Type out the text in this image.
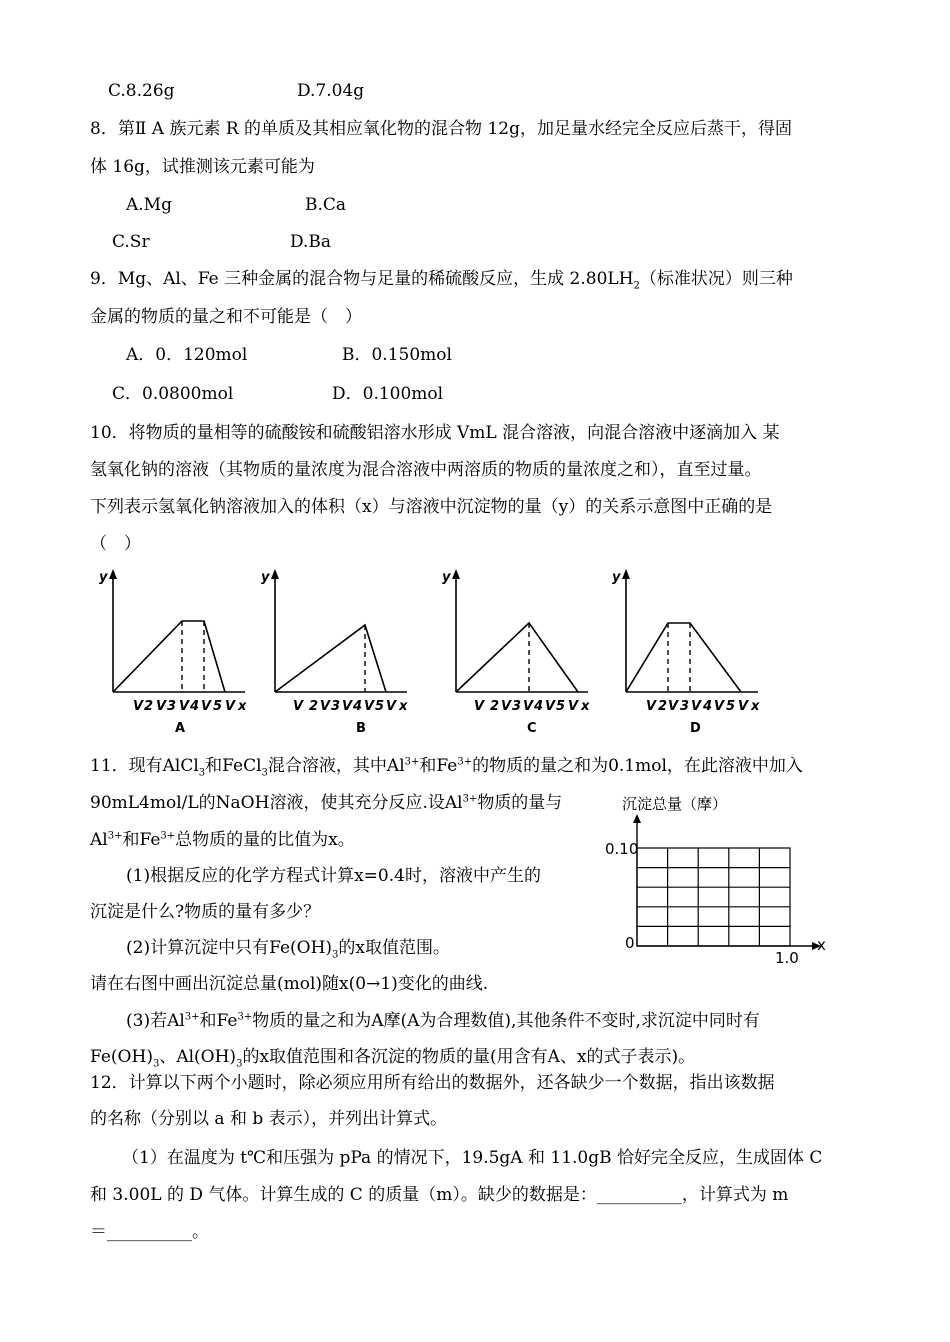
C.8.26g	D.7.04g
8．第Ⅱ A 族元素 R 的单质及其相应氧化物的混合物 12g，加足量水经完全反应后蒸干，得固
体 16g，试推测该元素可能为
A.Mg	B.Ca
C.Sr	D.Ba
9．Mg、Al、Fe 三种金属的混合物与足量的稀硫酸反应，生成 $2.80LH_2$（标准状况）则三种
金属的物质的量之和不可能是（　）
A．0．120mol	B．0.150mol
C．0.0800mol	D．0.100mol
10．将物质的量相等的硫酸铵和硫酸铝溶水形成 VmL 混合溶液，向混合溶液中逐滴加入 某
氢氧化钠的溶液（其物质的量浓度为混合溶液中两溶质的物质的量浓度之和），直至过量。
下列表示氢氧化钠溶液加入的体积（x）与溶液中沉淀物的量（y）的关系示意图中正确的是
（　）
y
V 2 V 3 V 4 V 5 V x
A
y
V 2 V 3 V 4 V 5 V x
B
y
V 2 V 3 V 4 V 5 V x
C
y
V 2 V 3 V 4 V 5 V x
D
11．现有AlCl$_3$和FeCl$_3$混合溶液，其中$Al^{3+}$和$Fe^{3+}$的物质的量之和为0.1mol，在此溶液中加入
90mL4mol/L的NaOH溶液，使其充分反应.设$Al^{3+}$物质的量与
$Al^{3+}$和$Fe^{3+}$总物质的量的比值为x。
(1)根据反应的化学方程式计算x=0.4时，溶液中产生的
沉淀是什么?物质的量有多少？
(2)计算沉淀中只有$Fe(OH)_3$的x取值范围。
请在右图中画出沉淀总量(mol)随x(0→1)变化的曲线.
(3)若$Al^{3+}$和$Fe^{3+}$物质的量之和为A摩(A为合理数值),其他条件不变时,求沉淀中同时有
$Fe(OH)_3$、$Al(OH)_3$的x取值范围和各沉淀的物质的量(用含有A、x的式子表示)。
沉淀总量（摩）
0.10
0
1.0
x
12．计算以下两个小题时，除必须应用所有给出的数据外，还各缺少一个数据，指出该数据
的名称（分别以 a 和 b 表示），并列出计算式。
（1）在温度为 t℃和压强为 pPa 的情况下，19.5gA 和 11.0gB 恰好完全反应，生成固体 C
和 3.00L 的 D 气体。计算生成的 C 的质量（m）。缺少的数据是：__________，计算式为 m
＝__________。
